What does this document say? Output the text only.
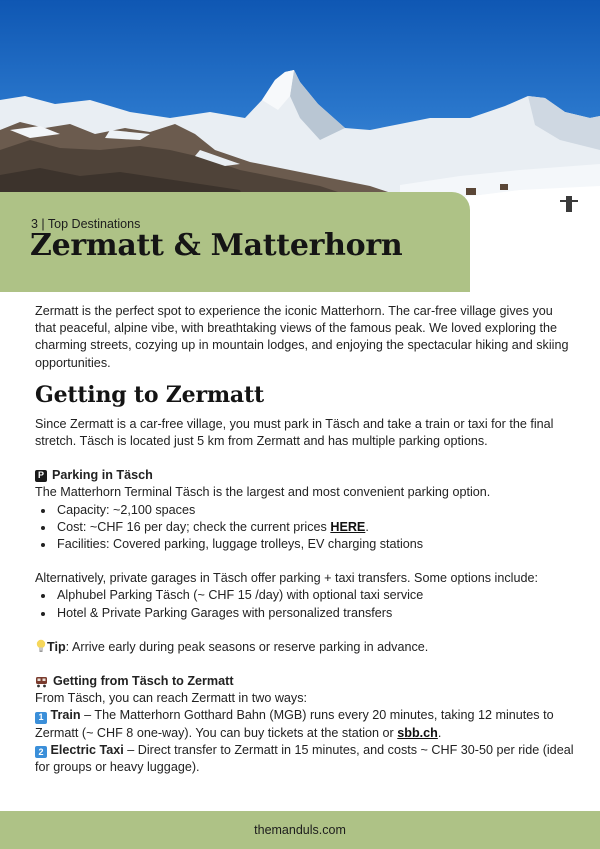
3 | Top Destinations
Zermatt & Matterhorn

Zermatt is the perfect spot to experience the iconic Matterhorn. The car-free village gives you that peaceful, alpine vibe, with breathtaking views of the famous peak. We loved exploring the charming streets, cozying up in mountain lodges, and enjoying the spectacular hiking and skiing opportunities.

Getting to Zermatt

Since Zermatt is a car-free village, you must park in Täsch and take a train or taxi for the final stretch. Täsch is located just 5 km from Zermatt and has multiple parking options.

P Parking in Täsch

The Matterhorn Terminal Täsch is the largest and most convenient parking option.

• Capacity: ~2,100 spaces
• Cost: ~CHF 16 per day; check the current prices HERE.
• Facilities: Covered parking, luggage trolleys, EV charging stations

Alternatively, private garages in Täsch offer parking + taxi transfers. Some options include:

• Alphubel Parking Täsch (~ CHF 15 /day) with optional taxi service
• Hotel & Private Parking Garages with personalized transfers

Tip: Arrive early during peak seasons or reserve parking in advance.

Getting from Täsch to Zermatt

From Täsch, you can reach Zermatt in two ways:

1 Train – The Matterhorn Gotthard Bahn (MGB) runs every 20 minutes, taking 12 minutes to Zermatt (~ CHF 8 one-way). You can buy tickets at the station or sbb.ch.

2 Electric Taxi – Direct transfer to Zermatt in 15 minutes, and costs ~ CHF 30-50 per ride (ideal for groups or heavy luggage).

themanduls.com
